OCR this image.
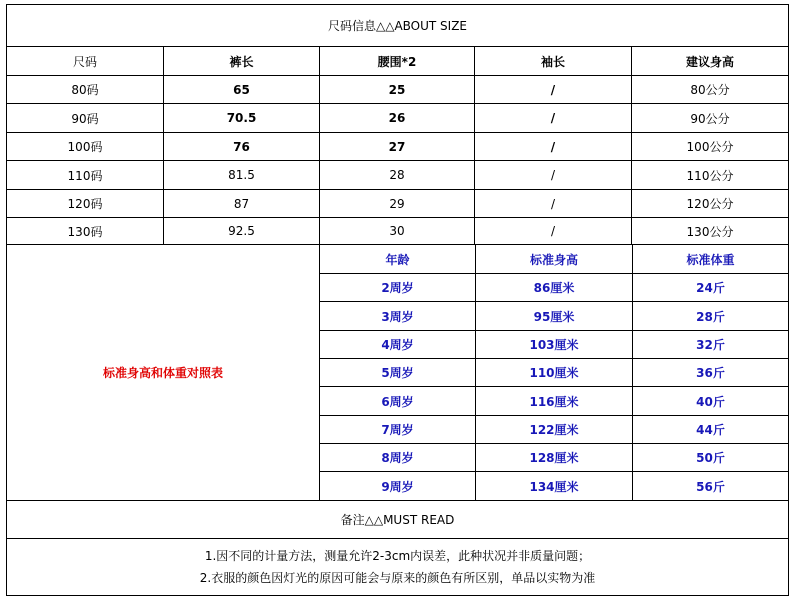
尺码信息△△ABOUT SIZE
尺码	裤长	腰围*2	袖长	建议身高
80码	65	25	/	80公分
90码	70.5	26	/	90公分
100码	76	27	/	100公分
110码	81.5	28	/	110公分
120码	87	29	/	120公分
130码	92.5	30	/	130公分
标准身高和体重对照表
年龄	标准身高	标准体重
2周岁	86厘米	24斤
3周岁	95厘米	28斤
4周岁	103厘米	32斤
5周岁	110厘米	36斤
6周岁	116厘米	40斤
7周岁	122厘米	44斤
8周岁	128厘米	50斤
9周岁	134厘米	56斤
备注△△MUST READ
1.因不同的计量方法，测量允许2-3cm内误差，此种状况并非质量问题；
2.衣服的颜色因灯光的原因可能会与原来的颜色有所区别，单品以实物为准
